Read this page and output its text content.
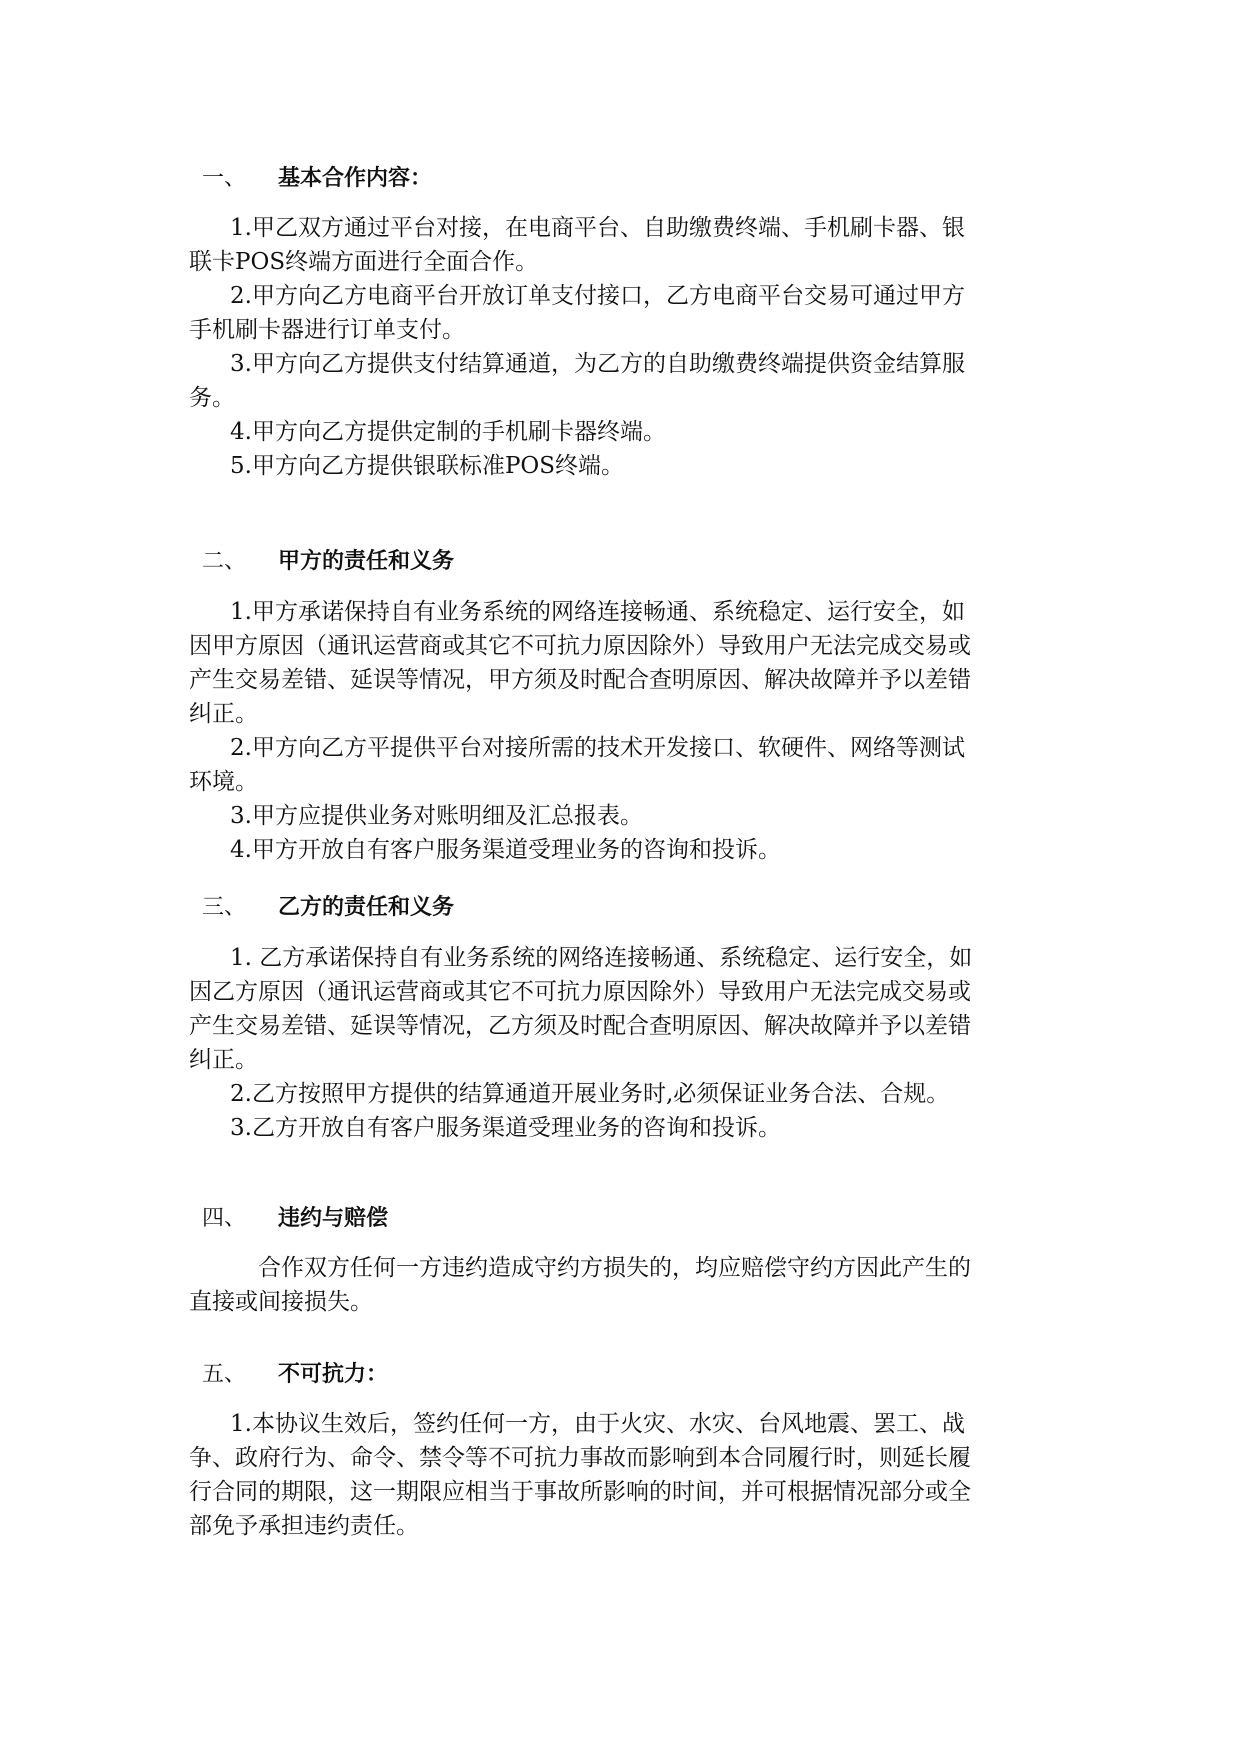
一、 基本合作内容：
1.甲乙双方通过平台对接，在电商平台、自助缴费终端、手机刷卡器、银
联卡POS终端方面进行全面合作。
2.甲方向乙方电商平台开放订单支付接口，乙方电商平台交易可通过甲方
手机刷卡器进行订单支付。
3.甲方向乙方提供支付结算通道，为乙方的自助缴费终端提供资金结算服
务。
4.甲方向乙方提供定制的手机刷卡器终端。
5.甲方向乙方提供银联标准POS终端。
二、 甲方的责任和义务
1.甲方承诺保持自有业务系统的网络连接畅通、系统稳定、运行安全，如
因甲方原因（通讯运营商或其它不可抗力原因除外）导致用户无法完成交易或
产生交易差错、延误等情况，甲方须及时配合查明原因、解决故障并予以差错
纠正。
2.甲方向乙方平提供平台对接所需的技术开发接口、软硬件、网络等测试
环境。
3.甲方应提供业务对账明细及汇总报表。
4.甲方开放自有客户服务渠道受理业务的咨询和投诉。
三、 乙方的责任和义务
1. 乙方承诺保持自有业务系统的网络连接畅通、系统稳定、运行安全，如
因乙方原因（通讯运营商或其它不可抗力原因除外）导致用户无法完成交易或
产生交易差错、延误等情况，乙方须及时配合查明原因、解决故障并予以差错
纠正。
2.乙方按照甲方提供的结算通道开展业务时,必须保证业务合法、合规。
3.乙方开放自有客户服务渠道受理业务的咨询和投诉。
四、 违约与赔偿
合作双方任何一方违约造成守约方损失的，均应赔偿守约方因此产生的
直接或间接损失。
五、 不可抗力：
1.本协议生效后，签约任何一方，由于火灾、水灾、台风地震、罢工、战
争、政府行为、命令、禁令等不可抗力事故而影响到本合同履行时，则延长履
行合同的期限，这一期限应相当于事故所影响的时间，并可根据情况部分或全
部免予承担违约责任。
